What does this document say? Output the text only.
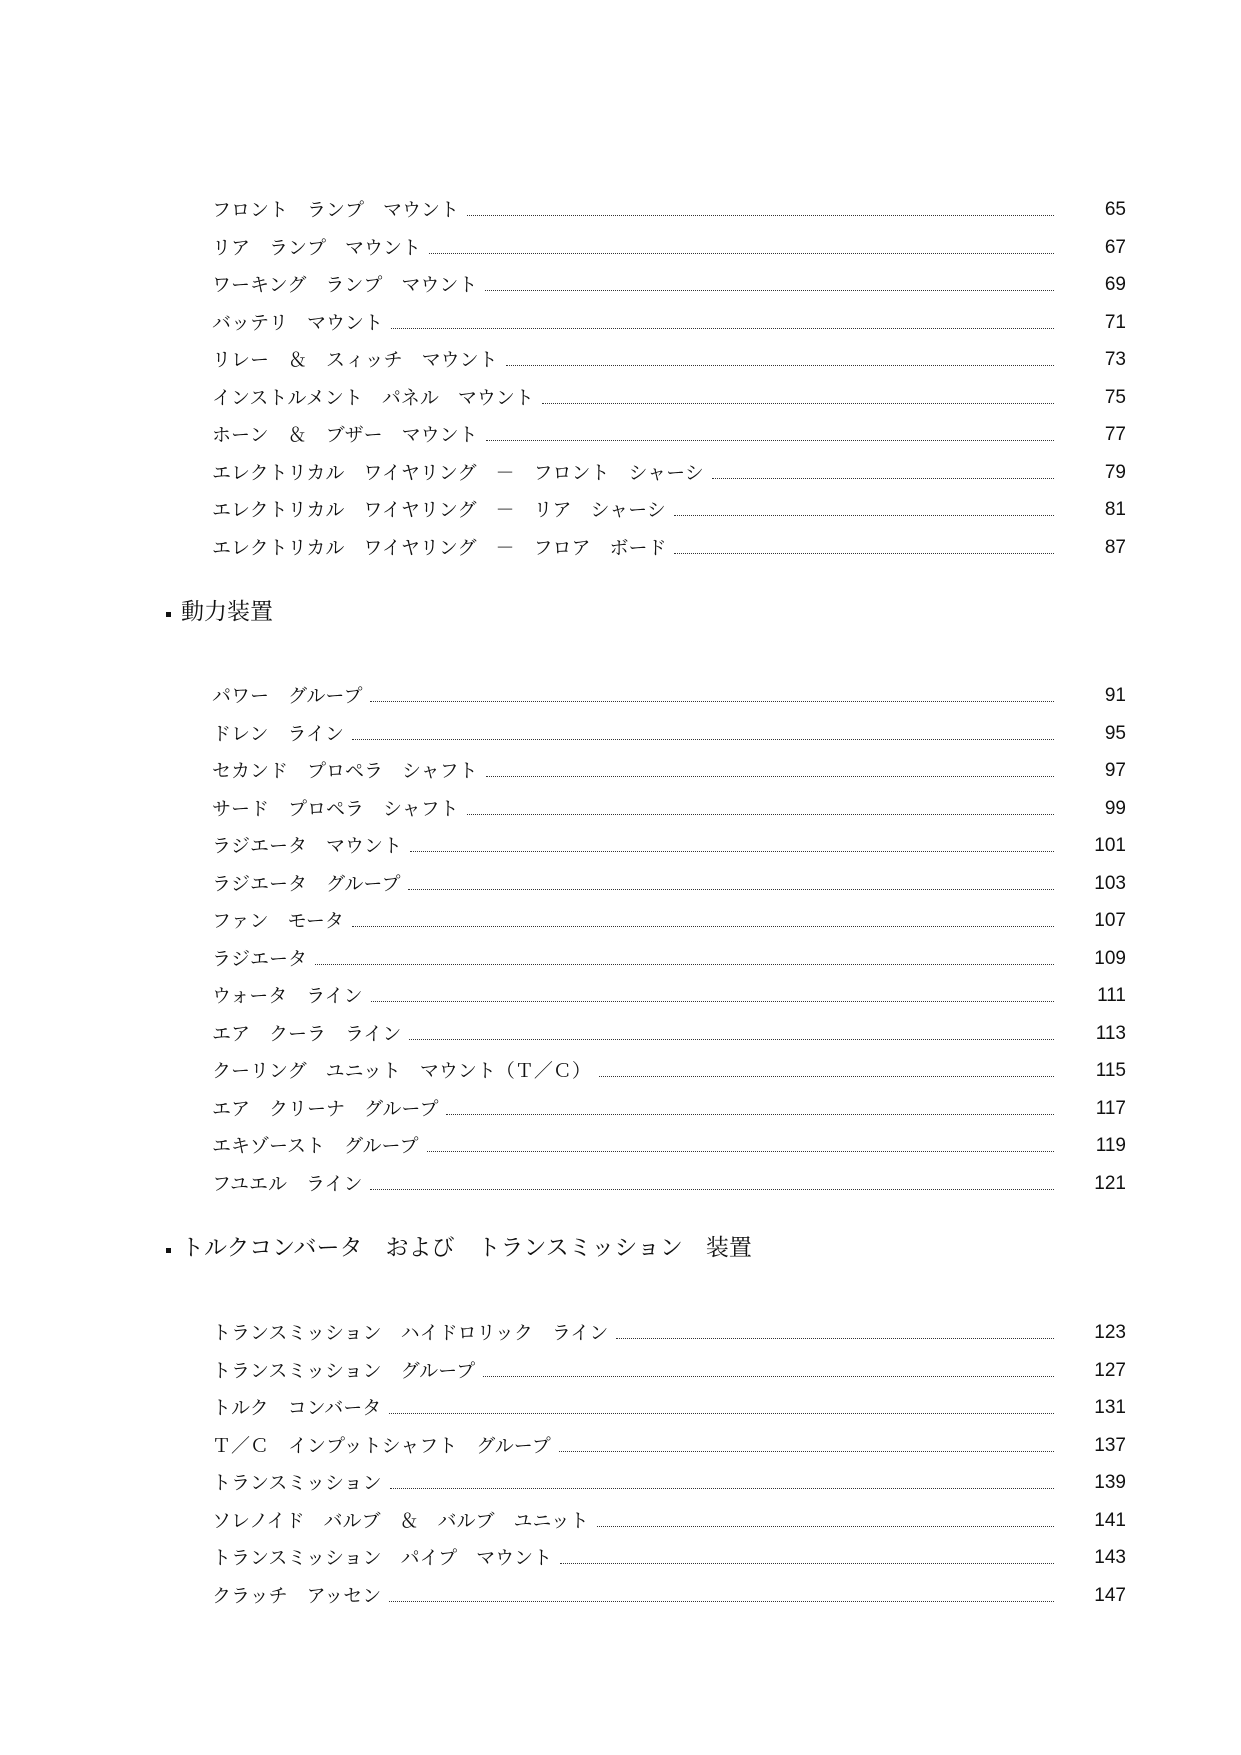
フロント　ランプ　マウント	65
リア　ランプ　マウント	67
ワーキング　ランプ　マウント	69
バッテリ　マウント	71
リレー　＆　スィッチ　マウント	73
インストルメント　パネル　マウント	75
ホーン　＆　ブザー　マウント	77
エレクトリカル　ワイヤリング　－　フロント　シャーシ	79
エレクトリカル　ワイヤリング　－　リア　シャーシ	81
エレクトリカル　ワイヤリング　－　フロア　ボード	87
動力装置
パワー　グループ	91
ドレン　ライン	95
セカンド　プロペラ　シャフト	97
サード　プロペラ　シャフト	99
ラジエータ　マウント	101
ラジエータ　グループ	103
ファン　モータ	107
ラジエータ	109
ウォータ　ライン	111
エア　クーラ　ライン	113
クーリング　ユニット　マウント（Ｔ／Ｃ）	115
エア　クリーナ　グループ	117
エキゾースト　グループ	119
フユエル　ライン	121
トルクコンバータ　および　トランスミッション　装置
トランスミッション　ハイドロリック　ライン	123
トランスミッション　グループ	127
トルク　コンバータ	131
Ｔ／Ｃ　インプットシャフト　グループ	137
トランスミッション	139
ソレノイド　バルブ　＆　バルブ　ユニット	141
トランスミッション　パイプ　マウント	143
クラッチ　アッセン	147
